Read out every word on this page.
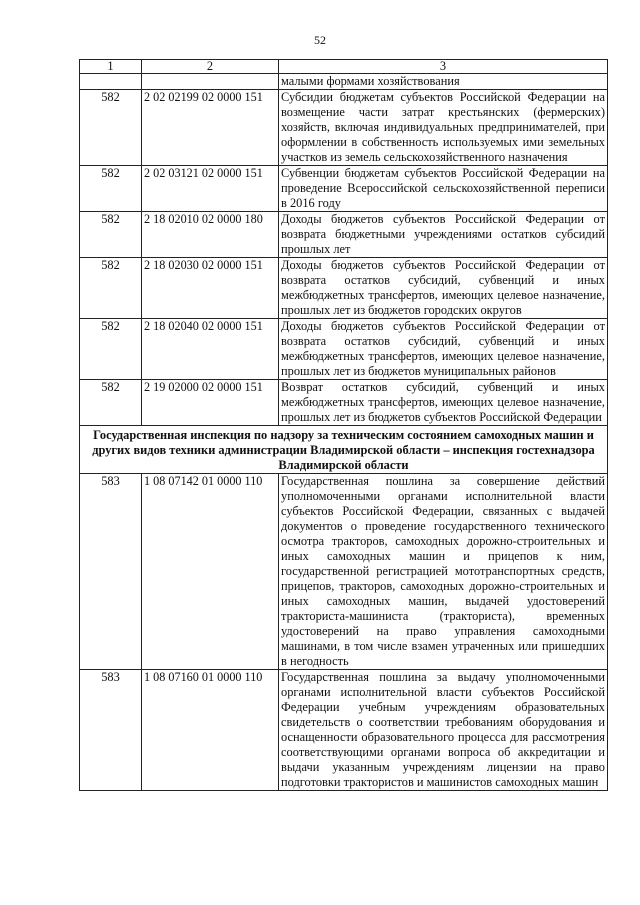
52
1	2	3
		малыми формами хозяйствования
582	2 02 02199 02 0000 151	Субсидии бюджетам субъектов Российской Федерации на возмещение части затрат крестьянских (фермерских) хозяйств, включая индивидуальных предпринимателей, при оформлении в собственность используемых ими земельных участков из земель сельскохозяйственного назначения
582	2 02 03121 02 0000 151	Субвенции бюджетам субъектов Российской Федерации на проведение Всероссийской сельскохозяйственной переписи в 2016 году
582	2 18 02010 02 0000 180	Доходы бюджетов субъектов Российской Федерации от возврата бюджетными учреждениями остатков субсидий прошлых лет
582	2 18 02030 02 0000 151	Доходы бюджетов субъектов Российской Федерации от возврата остатков субсидий, субвенций и иных межбюджетных трансфертов, имеющих целевое назначение, прошлых лет из бюджетов городских округов
582	2 18 02040 02 0000 151	Доходы бюджетов субъектов Российской Федерации от возврата остатков субсидий, субвенций и иных межбюджетных трансфертов, имеющих целевое назначение, прошлых лет из бюджетов муниципальных районов
582	2 19 02000 02 0000 151	Возврат остатков субсидий, субвенций и иных межбюджетных трансфертов, имеющих целевое назначение, прошлых лет из бюджетов субъектов Российской Федерации
Государственная инспекция по надзору за техническим состоянием самоходных машин и других видов техники администрации Владимирской области – инспекция гостехнадзора Владимирской области		
583	1 08 07142 01 0000 110	Государственная пошлина за совершение действий уполномоченными органами исполнительной власти субъектов Российской Федерации, связанных с выдачей документов о проведение государственного технического осмотра тракторов, самоходных дорожно-строительных и иных самоходных машин и прицепов к ним, государственной регистрацией мототранспортных средств, прицепов, тракторов, самоходных дорожно-строительных и иных самоходных машин, выдачей удостоверений тракториста-машиниста (тракториста), временных удостоверений на право управления самоходными машинами, в том числе взамен утраченных или пришедших в негодность
583	1 08 07160 01 0000 110	Государственная пошлина за выдачу уполномоченными органами исполнительной власти субъектов Российской Федерации учебным учреждениям образовательных свидетельств о соответствии требованиям оборудования и оснащенности образовательного процесса для рассмотрения соответствующими органами вопроса об аккредитации и выдачи указанным учреждениям лицензии на право подготовки трактористов и машинистов самоходных машин
